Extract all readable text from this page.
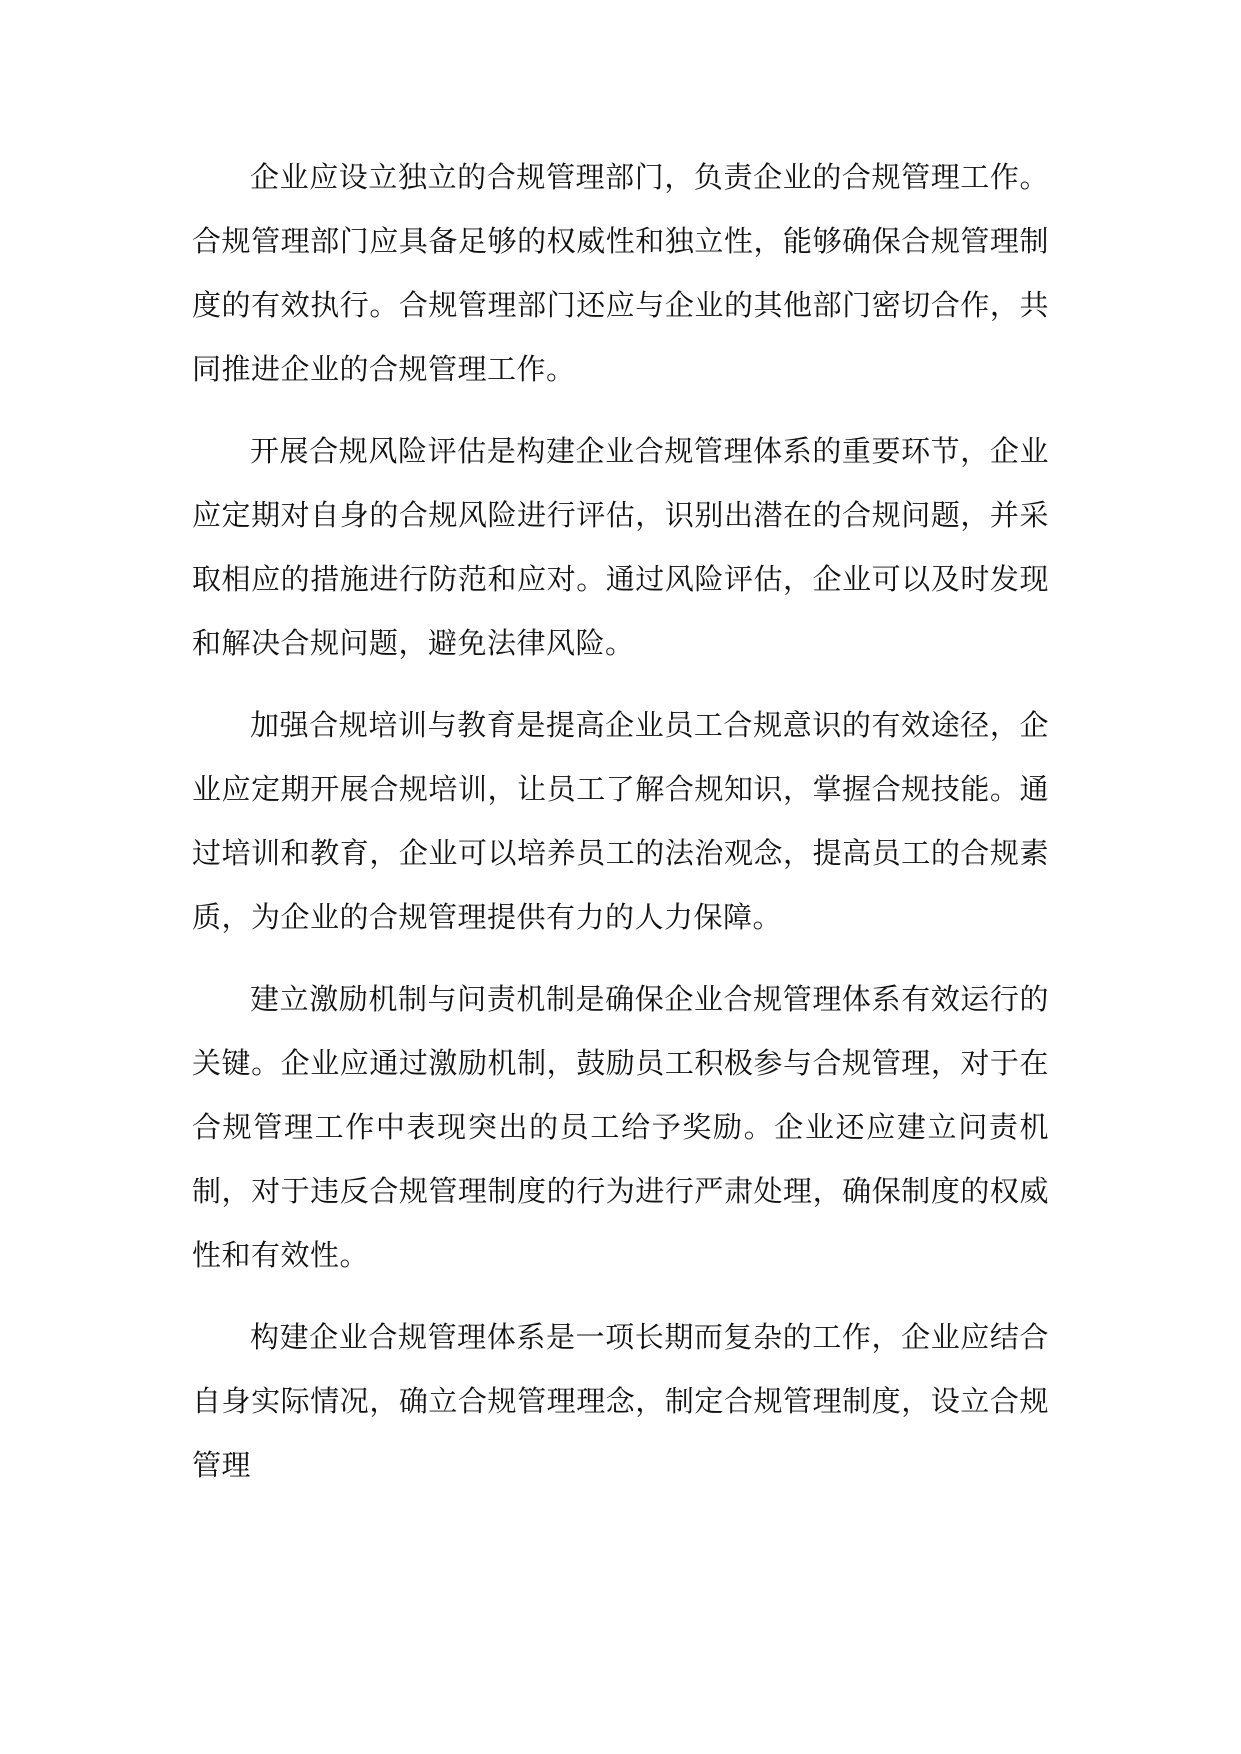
企业应设立独立的合规管理部门，负责企业的合规管理工作。合规管理部门应具备足够的权威性和独立性，能够确保合规管理制度的有效执行。合规管理部门还应与企业的其他部门密切合作，共同推进企业的合规管理工作。

开展合规风险评估是构建企业合规管理体系的重要环节，企业应定期对自身的合规风险进行评估，识别出潜在的合规问题，并采取相应的措施进行防范和应对。通过风险评估，企业可以及时发现和解决合规问题，避免法律风险。

加强合规培训与教育是提高企业员工合规意识的有效途径，企业应定期开展合规培训，让员工了解合规知识，掌握合规技能。通过培训和教育，企业可以培养员工的法治观念，提高员工的合规素质，为企业的合规管理提供有力的人力保障。

建立激励机制与问责机制是确保企业合规管理体系有效运行的关键。企业应通过激励机制，鼓励员工积极参与合规管理，对于在合规管理工作中表现突出的员工给予奖励。企业还应建立问责机制，对于违反合规管理制度的行为进行严肃处理，确保制度的权威性和有效性。

构建企业合规管理体系是一项长期而复杂的工作，企业应结合自身实际情况，确立合规管理理念，制定合规管理制度，设立合规管理
